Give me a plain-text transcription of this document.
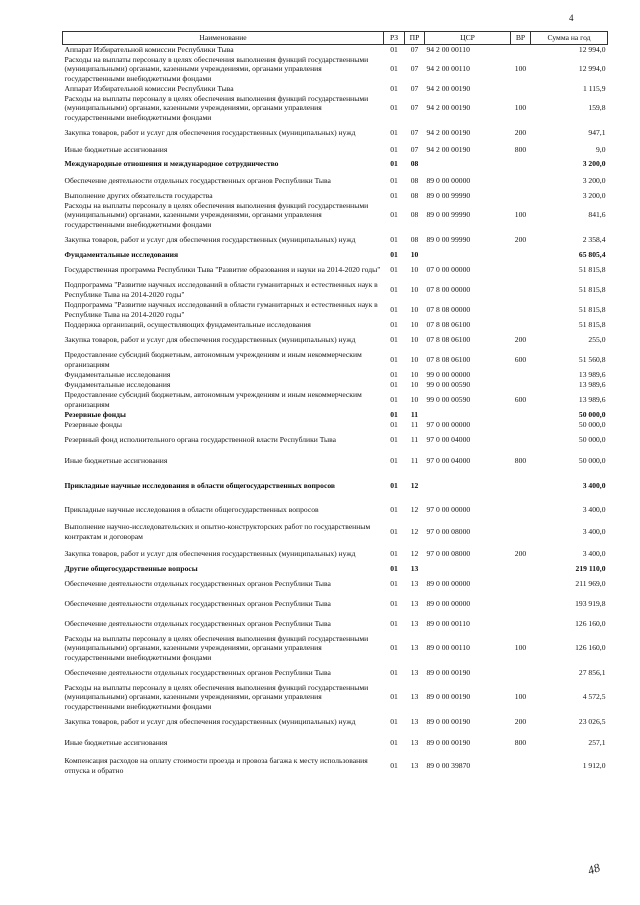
4
Наименование	РЗ	ПР	ЦСР	ВР	Сумма на год
Аппарат Избирательной комиссии Республики Тыва	01	07	94 2 00 00110		12 994,0
Расходы на выплаты персоналу в целях обеспечения выполнения функций государственными (муниципальными) органами, казенными учреждениями, органами управления государственными внебюджетными фондами	01	07	94 2 00 00110	100	12 994,0
Аппарат Избирательной комиссии Республики Тыва	01	07	94 2 00 00190		1 115,9
Расходы на выплаты персоналу в целях обеспечения выполнения функций государственными (муниципальными) органами, казенными учреждениями, органами управления государственными внебюджетными фондами	01	07	94 2 00 00190	100	159,8
Закупка товаров, работ и услуг для обеспечения государственных (муниципальных) нужд	01	07	94 2 00 00190	200	947,1
Иные бюджетные ассигнования	01	07	94 2 00 00190	800	9,0
Международные отношения и международное сотрудничество	01	08			3 200,0
Обеспечение деятельности отдельных государственных органов Республики Тыва	01	08	89 0 00 00000		3 200,0
Выполнение других обязательств государства	01	08	89 0 00 99990		3 200,0
Расходы на выплаты персоналу в целях обеспечения выполнения функций государственными (муниципальными) органами, казенными учреждениями, органами управления государственными внебюджетными фондами	01	08	89 0 00 99990	100	841,6
Закупка товаров, работ и услуг для обеспечения государственных (муниципальных) нужд	01	08	89 0 00 99990	200	2 358,4
Фундаментальные исследования	01	10			65 805,4
Государственная программа Республики Тыва "Развитие образования и науки на 2014-2020 годы"	01	10	07 0 00 00000		51 815,8
Подпрограмма "Развитие научных исследований в области гуманитарных и естественных наук в Республике Тыва на 2014-2020 годы"	01	10	07 8 00 00000		51 815,8
Подпрограмма "Развитие научных исследований в области гуманитарных и естественных наук в Республике Тыва на 2014-2020 годы"	01	10	07 8 08 00000		51 815,8
Поддержка организаций, осуществляющих фундаментальные исследования	01	10	07 8 08 06100		51 815,8
Закупка товаров, работ и услуг для обеспечения государственных (муниципальных) нужд	01	10	07 8 08 06100	200	255,0
Предоставление субсидий бюджетным, автономным учреждениям и иным некоммерческим организациям	01	10	07 8 08 06100	600	51 560,8
Фундаментальные исследования	01	10	99 0 00 00000		13 989,6
Фундаментальные исследования	01	10	99 0 00 00590		13 989,6
Предоставление субсидий бюджетным, автономным учреждениям и иным некоммерческим организациям	01	10	99 0 00 00590	600	13 989,6
Резервные фонды	01	11			50 000,0
Резервные фонды	01	11	97 0 00 00000		50 000,0
Резервный фонд исполнительного органа государственной власти Республики Тыва	01	11	97 0 00 04000		50 000,0
Иные бюджетные ассигнования	01	11	97 0 00 04000	800	50 000,0
Прикладные научные исследования в области общегосударственных вопросов	01	12			3 400,0
Прикладные научные исследования в области общегосударственных вопросов	01	12	97 0 00 00000		3 400,0
Выполнение научно-исследовательских и опытно-конструкторских работ по государственным контрактам и договорам	01	12	97 0 00 08000		3 400,0
Закупка товаров, работ и услуг для обеспечения государственных (муниципальных) нужд	01	12	97 0 00 08000	200	3 400,0
Другие общегосударственные вопросы	01	13			219 110,0
Обеспечение деятельности отдельных государственных органов Республики Тыва	01	13	89 0 00 00000		211 969,0
Обеспечение деятельности отдельных государственных органов Республики Тыва	01	13	89 0 00 00000		193 919,8
Обеспечение деятельности отдельных государственных органов Республики Тыва	01	13	89 0 00 00110		126 160,0
Расходы на выплаты персоналу в целях обеспечения выполнения функций государственными (муниципальными) органами, казенными учреждениями, органами управления государственными внебюджетными фондами	01	13	89 0 00 00110	100	126 160,0
Обеспечение деятельности отдельных государственных органов Республики Тыва	01	13	89 0 00 00190		27 856,1
Расходы на выплаты персоналу в целях обеспечения выполнения функций государственными (муниципальными) органами, казенными учреждениями, органами управления государственными внебюджетными фондами	01	13	89 0 00 00190	100	4 572,5
Закупка товаров, работ и услуг для обеспечения государственных (муниципальных) нужд	01	13	89 0 00 00190	200	23 026,5
Иные бюджетные ассигнования	01	13	89 0 00 00190	800	257,1
Компенсация расходов на оплату стоимости проезда и провоза багажа к месту использования отпуска и обратно	01	13	89 0 00 39870		1 912,0
48
